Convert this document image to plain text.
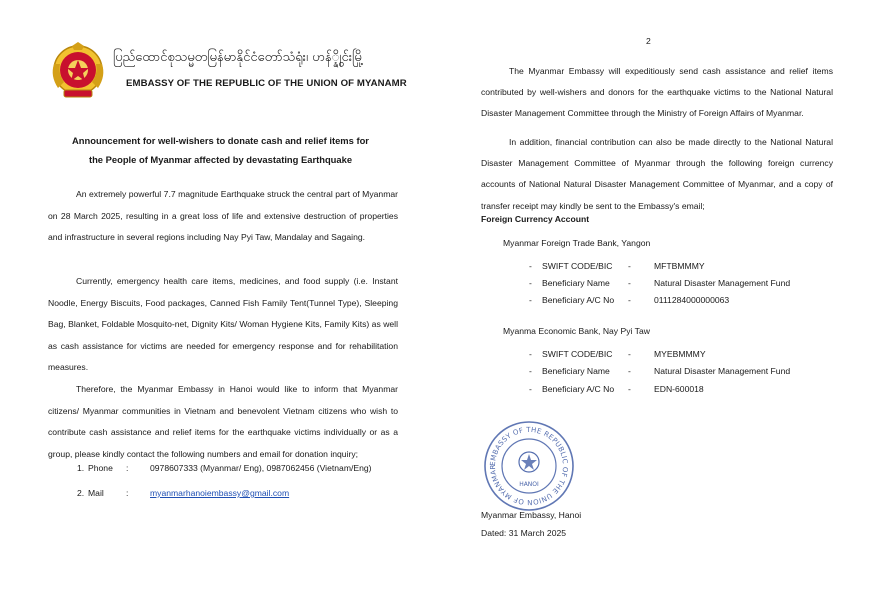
ပြည်ထောင်စုသမ္မတမြန်မာနိုင်ငံတော်သံရုံး၊ ဟန်္နွိုင်းမြို့
EMBASSY OF THE REPUBLIC OF THE UNION OF MYANAMR
Announcement for well-wishers to donate cash and relief items for
the People of Myanmar affected by devastating Earthquake
An extremely powerful 7.7 magnitude Earthquake struck the central part of Myanmar on 28 March 2025, resulting in a great loss of life and extensive destruction of properties and infrastructure in several regions including Nay Pyi Taw, Mandalay and Sagaing.
Currently, emergency health care items, medicines, and food supply (i.e. Instant Noodle, Energy Biscuits, Food packages, Canned Fish Family Tent(Tunnel Type), Sleeping Bag, Blanket, Foldable Mosquito-net, Dignity Kits/ Woman Hygiene Kits, Family Kits) as well as cash assistance for victims are needed for emergency response and for rehabilitation measures.
Therefore, the Myanmar Embassy in Hanoi would like to inform that Myanmar citizens/ Myanmar communities in Vietnam and benevolent Vietnam citizens who wish to contribute cash assistance and relief items for the earthquake victims individually or as a group, please kindly contact the following numbers and email for donation inquiry;
1. Phone :	0978607333 (Myanmar/ Eng), 0987062456 (Vietnam/Eng)
2. Mail	:	myanmarhanoiembassy@gmail.com
2
The Myanmar Embassy will expeditiously send cash assistance and relief items contributed by well-wishers and donors for the earthquake victims to the National Natural Disaster Management Committee through the Ministry of Foreign Affairs of Myanmar.
In addition, financial contribution can also be made directly to the National Natural Disaster Management Committee of Myanmar through the following foreign currency accounts of National Natural Disaster Management Committee of Myanmar, and a copy of transfer receipt may kindly be sent to the Embassy's email;
Foreign Currency Account
Myanmar Foreign Trade Bank, Yangon
- SWIFT CODE/BIC -	MFTBMMMY
- Beneficiary Name -	Natural Disaster Management Fund
- Beneficiary A/C No -	0111284000000063
Myanma Economic Bank, Nay Pyi Taw
- SWIFT CODE/BIC -	MYEBMMMY
- Beneficiary Name -	Natural Disaster Management Fund
- Beneficiary A/C No -	EDN-600018
EMBASSY OF THE REPUBLIC OF THE UNION OF MYANMAR
HANOI
Myanmar Embassy, Hanoi
Dated: 31 March 2025
